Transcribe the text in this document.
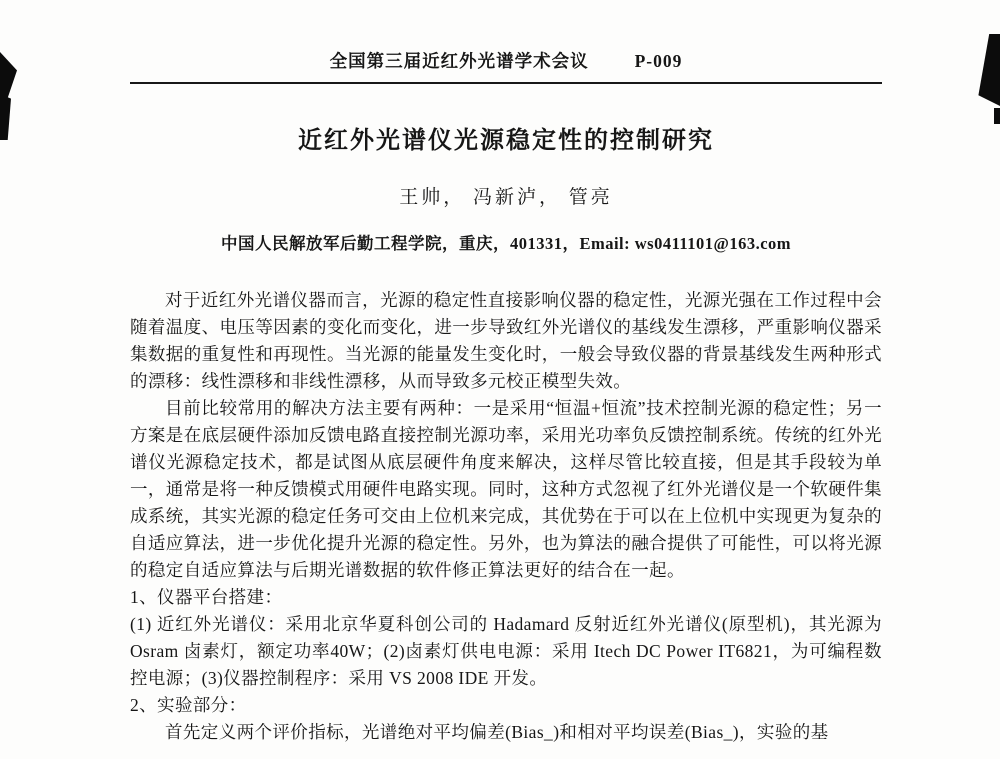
全国第三届近红外光谱学术会议	P-009
近红外光谱仪光源稳定性的控制研究
王帅， 冯新泸， 管亮
中国人民解放军后勤工程学院，重庆，401331，Email: ws0411101@163.com

对于近红外光谱仪器而言，光源的稳定性直接影响仪器的稳定性，光源光强在工作过程中会随着温度、电压等因素的变化而变化，进一步导致红外光谱仪的基线发生漂移，严重影响仪器采集数据的重复性和再现性。当光源的能量发生变化时，一般会导致仪器的背景基线发生两种形式的漂移：线性漂移和非线性漂移，从而导致多元校正模型失效。

目前比较常用的解决方法主要有两种：一是采用“恒温+恒流”技术控制光源的稳定性；另一方案是在底层硬件添加反馈电路直接控制光源功率，采用光功率负反馈控制系统。传统的红外光谱仪光源稳定技术，都是试图从底层硬件角度来解决，这样尽管比较直接，但是其手段较为单一，通常是将一种反馈模式用硬件电路实现。同时，这种方式忽视了红外光谱仪是一个软硬件集成系统，其实光源的稳定任务可交由上位机来完成，其优势在于可以在上位机中实现更为复杂的自适应算法，进一步优化提升光源的稳定性。另外，也为算法的融合提供了可能性，可以将光源的稳定自适应算法与后期光谱数据的软件修正算法更好的结合在一起。

1、仪器平台搭建：

(1) 近红外光谱仪：采用北京华夏科创公司的 Hadamard 反射近红外光谱仪(原型机)，其光源为 Osram 卤素灯，额定功率40W；(2)卤素灯供电电源：采用 Itech DC Power IT6821，为可编程数控电源；(3)仪器控制程序：采用 VS 2008 IDE 开发。

2、实验部分：

首先定义两个评价指标，光谱绝对平均偏差(Bias_)和相对平均误差(Bias_)，实验的基
